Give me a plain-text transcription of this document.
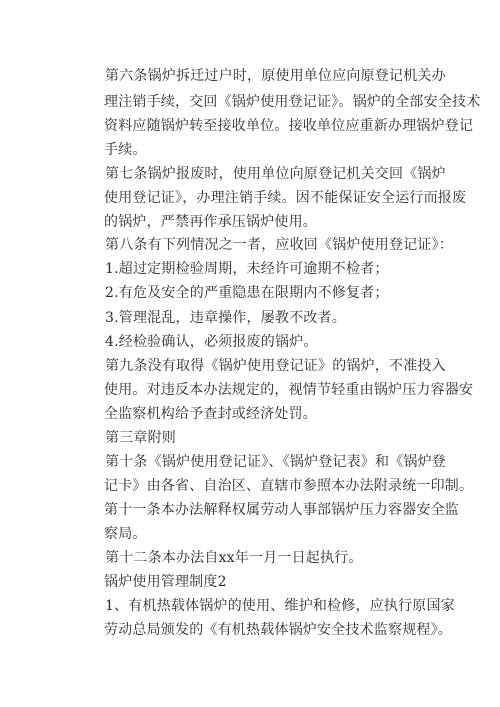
第六条锅炉拆迁过户时，原使用单位应向原登记机关办
理注销手续，交回《锅炉使用登记证》。锅炉的全部安全技术
资料应随锅炉转至接收单位。接收单位应重新办理锅炉登记
手续。
第七条锅炉报废时，使用单位向原登记机关交回《锅炉
使用登记证》，办理注销手续。因不能保证安全运行而报废
的锅炉，严禁再作承压锅炉使用。
第八条有下列情况之一者，应收回《锅炉使用登记证》：
1.超过定期检验周期，未经许可逾期不检者；
2.有危及安全的严重隐患在限期内不修复者；
3.管理混乱，违章操作，屡教不改者。
4.经检验确认，必须报废的锅炉。
第九条没有取得《锅炉使用登记证》的锅炉，不准投入
使用。对违反本办法规定的，视情节轻重由锅炉压力容器安
全监察机构给予查封或经济处罚。
第三章附则
第十条《锅炉使用登记证》、《锅炉登记表》和《锅炉登
记卡》由各省、自治区、直辖市参照本办法附录统一印制。
第十一条本办法解释权属劳动人事部锅炉压力容器安全监
察局。
第十二条本办法自xx年一月一日起执行。
锅炉使用管理制度2
1、有机热载体锅炉的使用、维护和检修，应执行原国家
劳动总局颁发的《有机热载体锅炉安全技术监察规程》。
